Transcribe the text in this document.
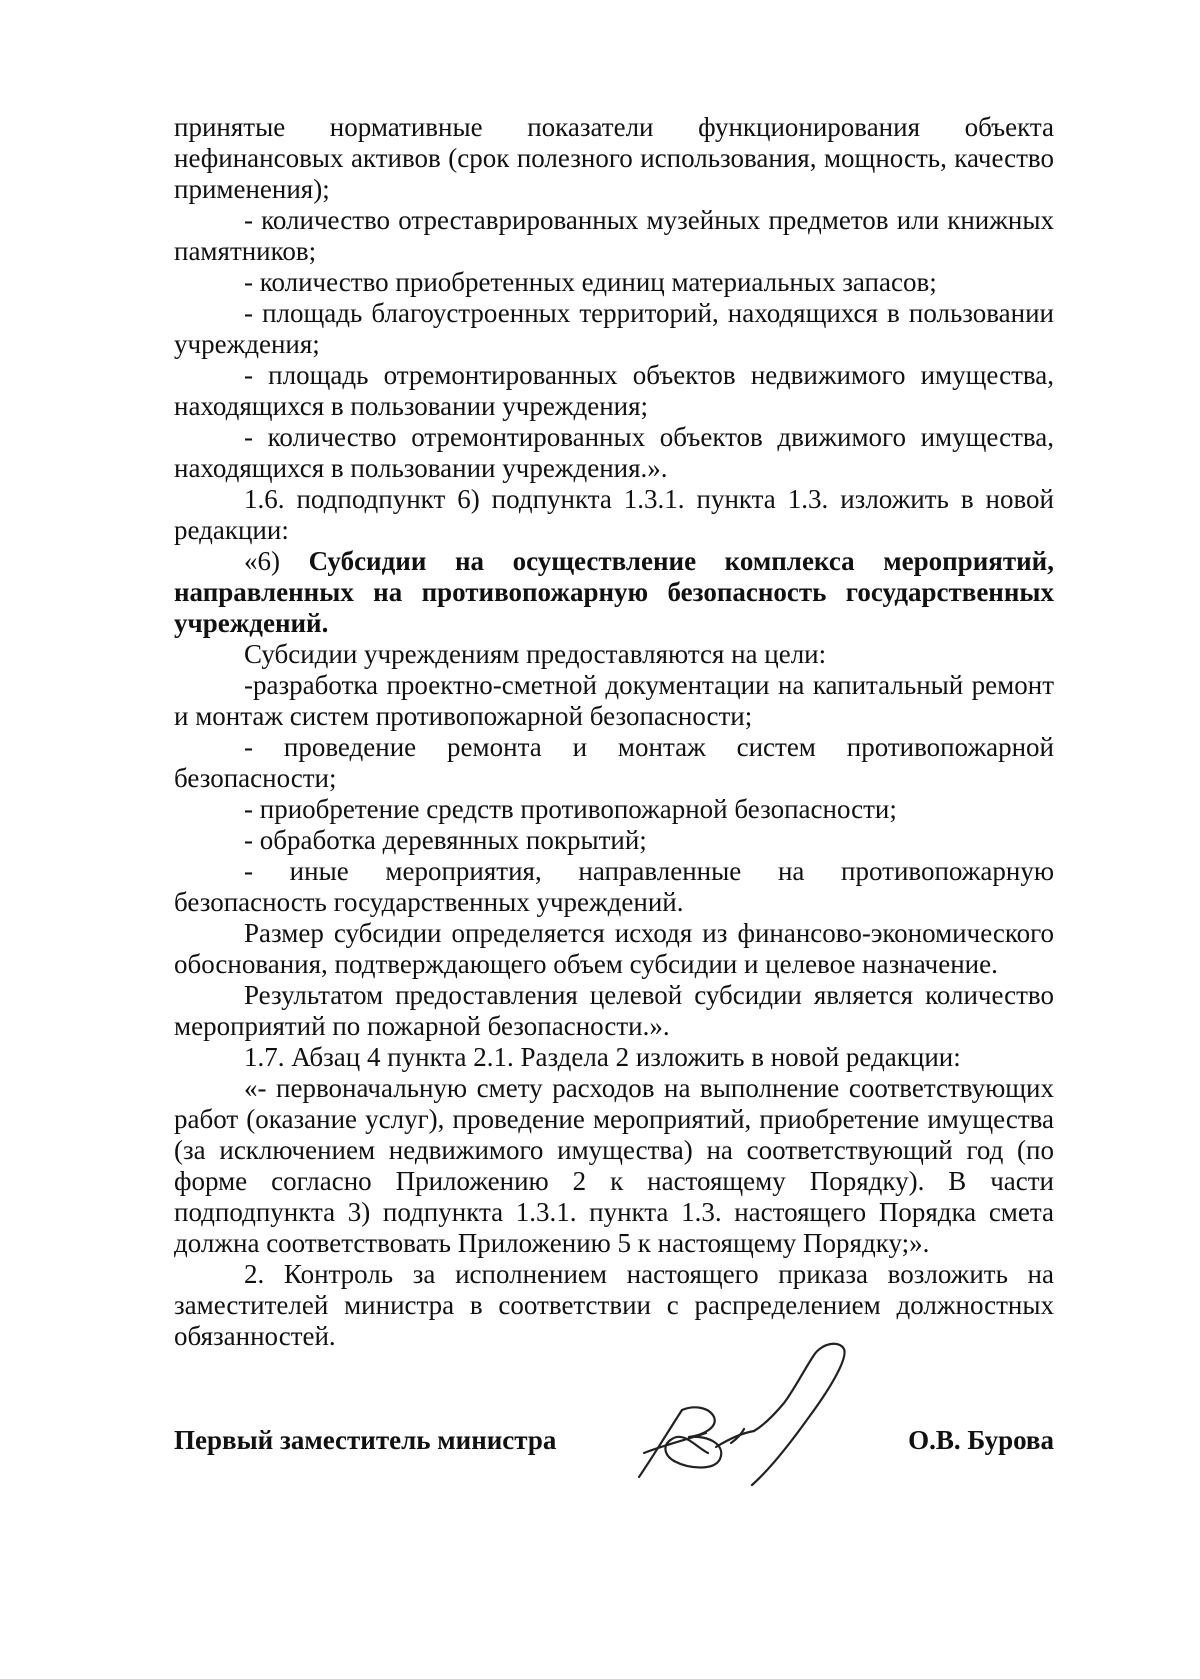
принятые нормативные показатели функционирования объекта нефинансовых активов (срок полезного использования, мощность, качество применения);

- количество отреставрированных музейных предметов или книжных памятников;

- количество приобретенных единиц материальных запасов;

- площадь благоустроенных территорий, находящихся в пользовании учреждения;

- площадь отремонтированных объектов недвижимого имущества, находящихся в пользовании учреждения;

- количество отремонтированных объектов движимого имущества, находящихся в пользовании учреждения.».

1.6. подподпункт 6) подпункта 1.3.1. пункта 1.3. изложить в новой редакции:

«6) Субсидии на осуществление комплекса мероприятий, направленных на противопожарную безопасность государственных учреждений.

Субсидии учреждениям предоставляются на цели:

-разработка проектно-сметной документации на капитальный ремонт и монтаж систем противопожарной безопасности;

- проведение ремонта и монтаж систем противопожарной безопасности;

- приобретение средств противопожарной безопасности;

- обработка деревянных покрытий;

- иные мероприятия, направленные на противопожарную безопасность государственных учреждений.

Размер субсидии определяется исходя из финансово-экономического обоснования, подтверждающего объем субсидии и целевое назначение.

Результатом предоставления целевой субсидии является количество мероприятий по пожарной безопасности.».

1.7. Абзац 4 пункта 2.1. Раздела 2 изложить в новой редакции:

«- первоначальную смету расходов на выполнение соответствующих работ (оказание услуг), проведение мероприятий, приобретение имущества (за исключением недвижимого имущества) на соответствующий год (по форме согласно Приложению 2 к настоящему Порядку). В части подподпункта 3) подпункта 1.3.1. пункта 1.3. настоящего Порядка смета должна соответствовать Приложению 5 к настоящему Порядку;».

2. Контроль за исполнением настоящего приказа возложить на заместителей министра в соответствии с распределением должностных обязанностей.

Первый заместитель министра	О.В. Бурова
